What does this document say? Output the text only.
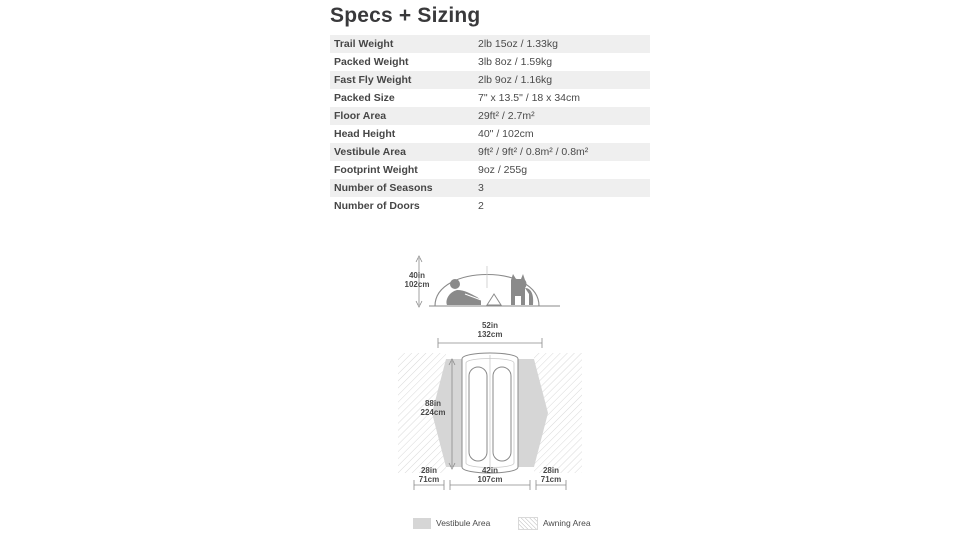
Specs + Sizing
Trail Weight	2lb 15oz / 1.33kg
Packed Weight	3lb 8oz / 1.59kg
Fast Fly Weight	2lb 9oz / 1.16kg
Packed Size	7" x 13.5" / 18 x 34cm
Floor Area	29ft² / 2.7m²
Head Height	40" / 102cm
Vestibule Area	9ft² / 9ft² / 0.8m² / 0.8m²
Footprint Weight	9oz / 255g
Number of Seasons	3
Number of Doors	2
40in
102cm
52in
132cm
88in
224cm
28in
71cm
42in
107cm
28in
71cm
Vestibule Area	Awning Area
